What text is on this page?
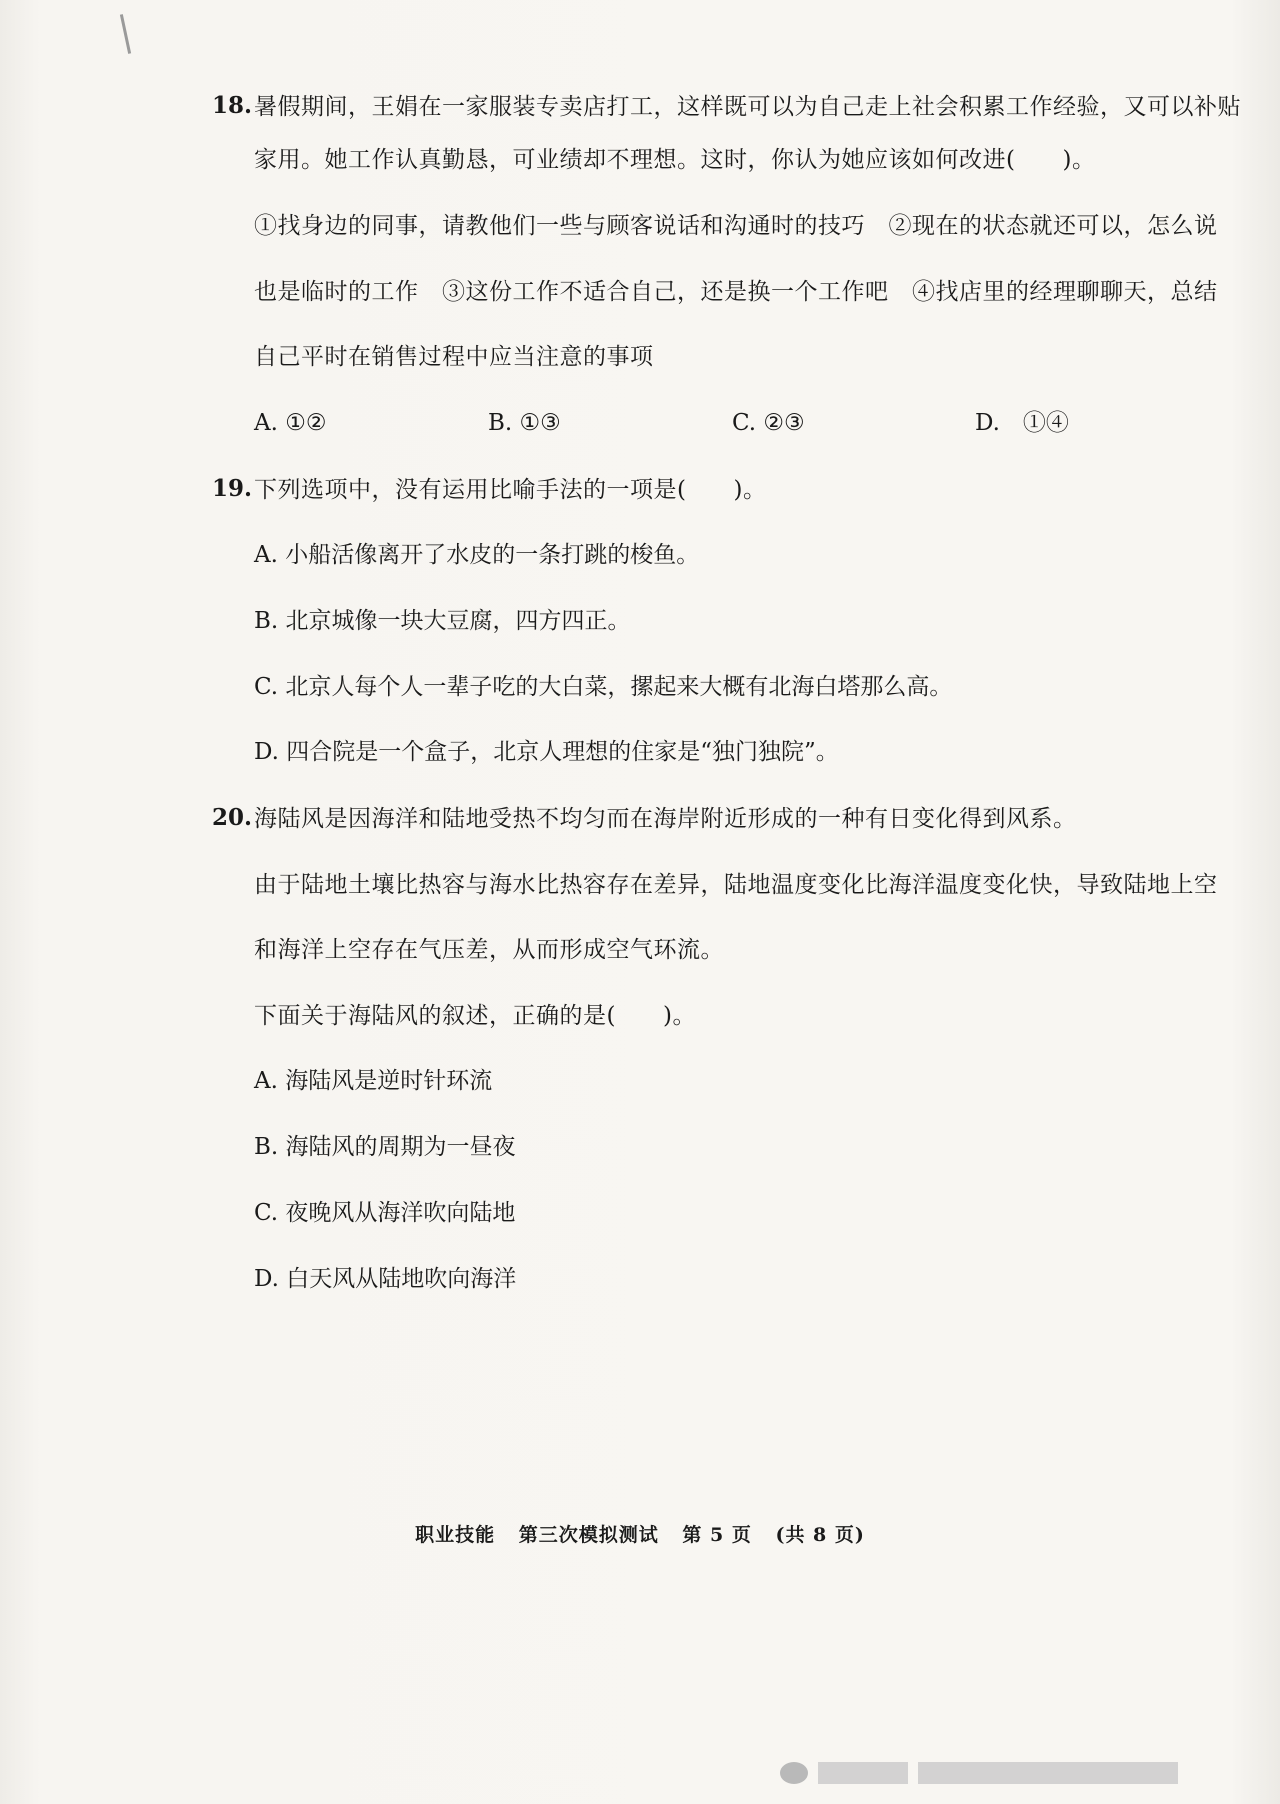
18. 暑假期间，王娟在一家服装专卖店打工，这样既可以为自己走上社会积累工作经验，又可以补贴
家用。她工作认真勤恳，可业绩却不理想。这时，你认为她应该如何改进(　　)。
①找身边的同事，请教他们一些与顾客说话和沟通时的技巧　②现在的状态就还可以，怎么说
也是临时的工作　③这份工作不适合自己，还是换一个工作吧　④找店里的经理聊聊天，总结
自己平时在销售过程中应当注意的事项
A. ①②	B. ①③	C. ②③	D.　①④
19. 下列选项中，没有运用比喻手法的一项是(　　)。
A. 小船活像离开了水皮的一条打跳的梭鱼。
B. 北京城像一块大豆腐，四方四正。
C. 北京人每个人一辈子吃的大白菜，摞起来大概有北海白塔那么高。
D. 四合院是一个盒子，北京人理想的住家是“独门独院”。
20. 海陆风是因海洋和陆地受热不均匀而在海岸附近形成的一种有日变化得到风系。
由于陆地土壤比热容与海水比热容存在差异，陆地温度变化比海洋温度变化快，导致陆地上空
和海洋上空存在气压差，从而形成空气环流。
下面关于海陆风的叙述，正确的是(　　)。
A. 海陆风是逆时针环流
B. 海陆风的周期为一昼夜
C. 夜晚风从海洋吹向陆地
D. 白天风从陆地吹向海洋
职业技能 第三次模拟测试 第 5 页 (共 8 页)
